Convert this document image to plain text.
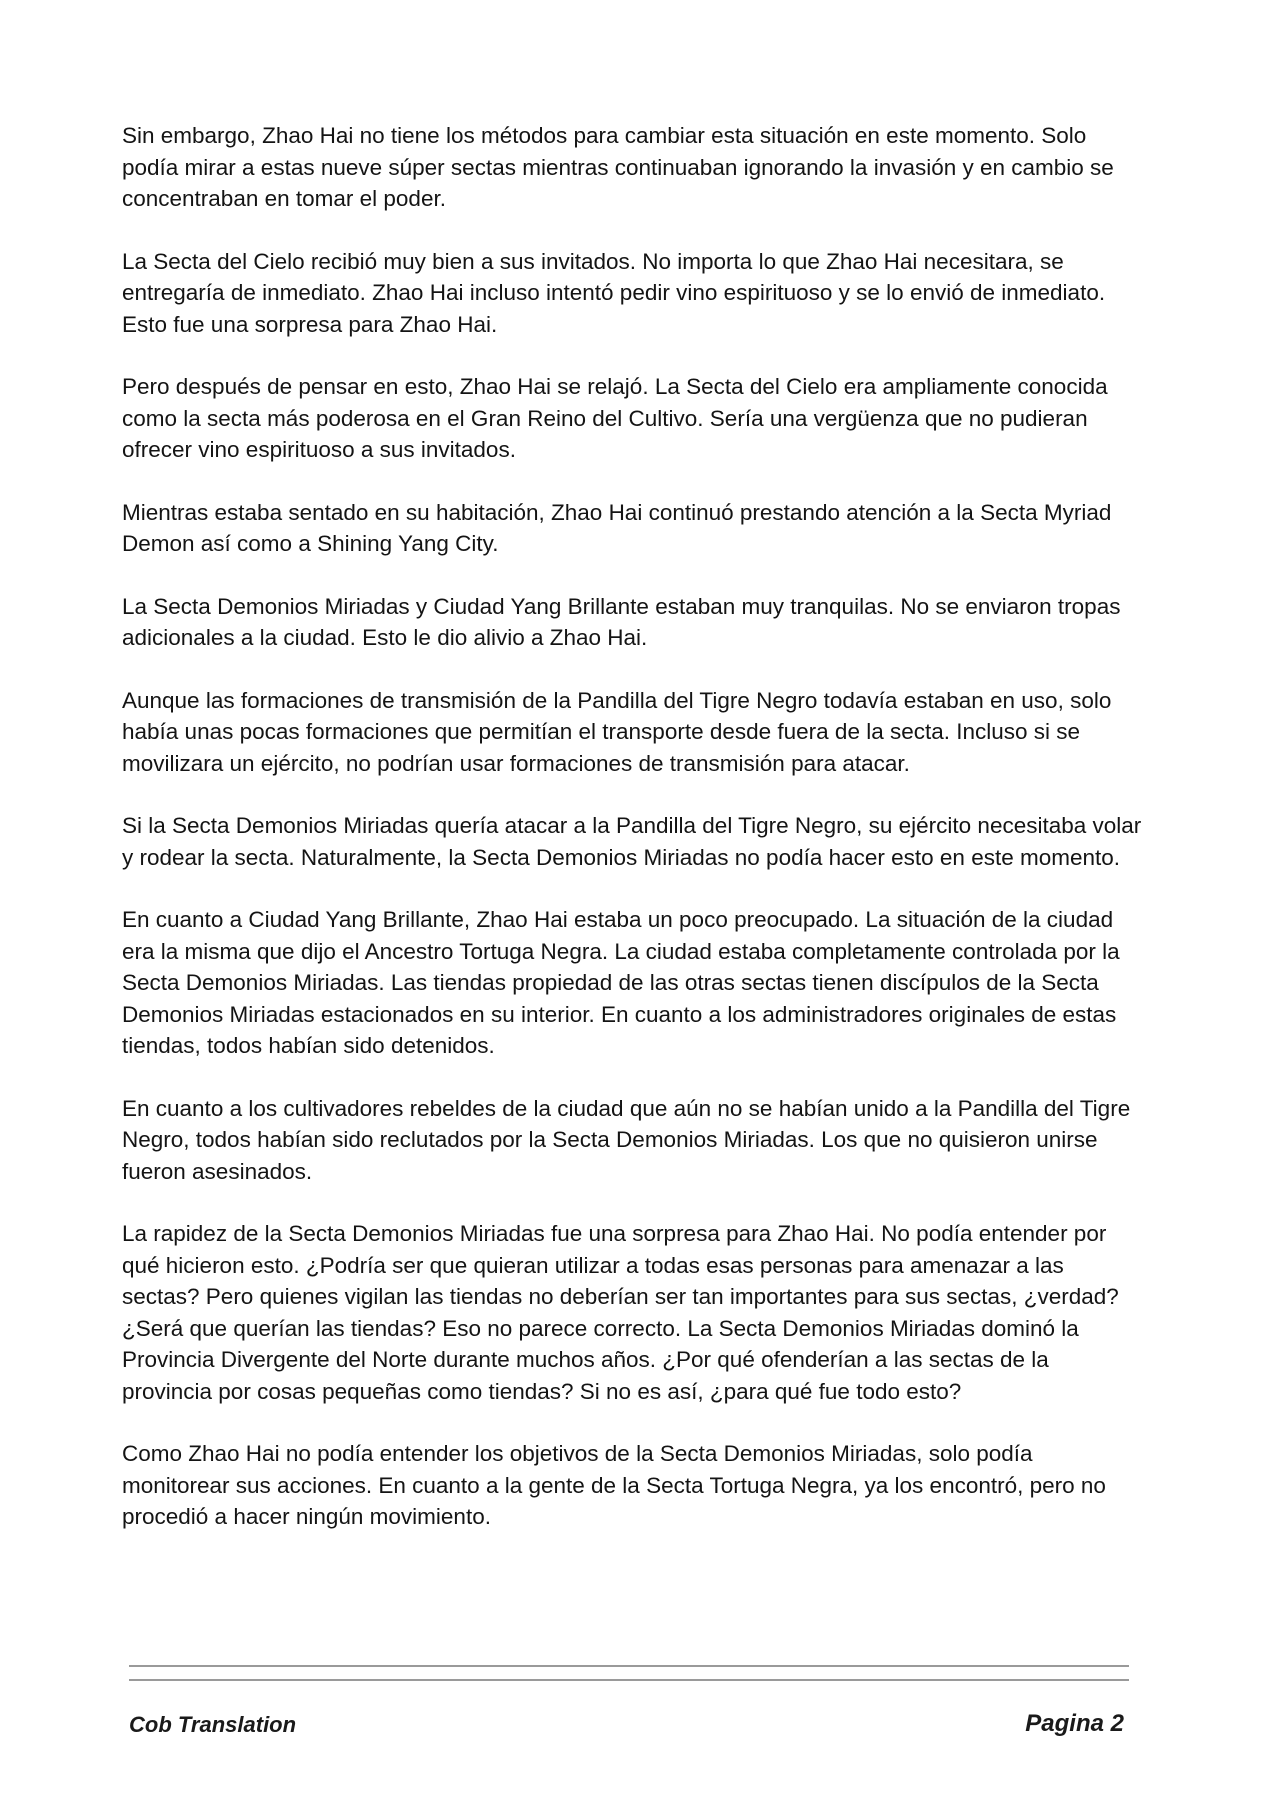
Sin embargo, Zhao Hai no tiene los métodos para cambiar esta situación en este momento. Solo podía mirar a estas nueve súper sectas mientras continuaban ignorando la invasión y en cambio se concentraban en tomar el poder.

La Secta del Cielo recibió muy bien a sus invitados. No importa lo que Zhao Hai necesitara, se entregaría de inmediato. Zhao Hai incluso intentó pedir vino espirituoso y se lo envió de inmediato. Esto fue una sorpresa para Zhao Hai.

Pero después de pensar en esto, Zhao Hai se relajó. La Secta del Cielo era ampliamente conocida como la secta más poderosa en el Gran Reino del Cultivo. Sería una vergüenza que no pudieran ofrecer vino espirituoso a sus invitados.

Mientras estaba sentado en su habitación, Zhao Hai continuó prestando atención a la Secta Myriad Demon así como a Shining Yang City.

La Secta Demonios Miriadas y Ciudad Yang Brillante estaban muy tranquilas. No se enviaron tropas adicionales a la ciudad. Esto le dio alivio a Zhao Hai.

Aunque las formaciones de transmisión de la Pandilla del Tigre Negro todavía estaban en uso, solo había unas pocas formaciones que permitían el transporte desde fuera de la secta. Incluso si se movilizara un ejército, no podrían usar formaciones de transmisión para atacar.

Si la Secta Demonios Miriadas quería atacar a la Pandilla del Tigre Negro, su ejército necesitaba volar y rodear la secta. Naturalmente, la Secta Demonios Miriadas no podía hacer esto en este momento.

En cuanto a Ciudad Yang Brillante, Zhao Hai estaba un poco preocupado. La situación de la ciudad era la misma que dijo el Ancestro Tortuga Negra. La ciudad estaba completamente controlada por la Secta Demonios Miriadas. Las tiendas propiedad de las otras sectas tienen discípulos de la Secta Demonios Miriadas estacionados en su interior. En cuanto a los administradores originales de estas tiendas, todos habían sido detenidos.

En cuanto a los cultivadores rebeldes de la ciudad que aún no se habían unido a la Pandilla del Tigre Negro, todos habían sido reclutados por la Secta Demonios Miriadas. Los que no quisieron unirse fueron asesinados.

La rapidez de la Secta Demonios Miriadas fue una sorpresa para Zhao Hai. No podía entender por qué hicieron esto. ¿Podría ser que quieran utilizar a todas esas personas para amenazar a las sectas? Pero quienes vigilan las tiendas no deberían ser tan importantes para sus sectas, ¿verdad? ¿Será que querían las tiendas? Eso no parece correcto. La Secta Demonios Miriadas dominó la Provincia Divergente del Norte durante muchos años. ¿Por qué ofenderían a las sectas de la provincia por cosas pequeñas como tiendas? Si no es así, ¿para qué fue todo esto?

Como Zhao Hai no podía entender los objetivos de la Secta Demonios Miriadas, solo podía monitorear sus acciones. En cuanto a la gente de la Secta Tortuga Negra, ya los encontró, pero no procedió a hacer ningún movimiento.

Cob Translation	Pagina 2
